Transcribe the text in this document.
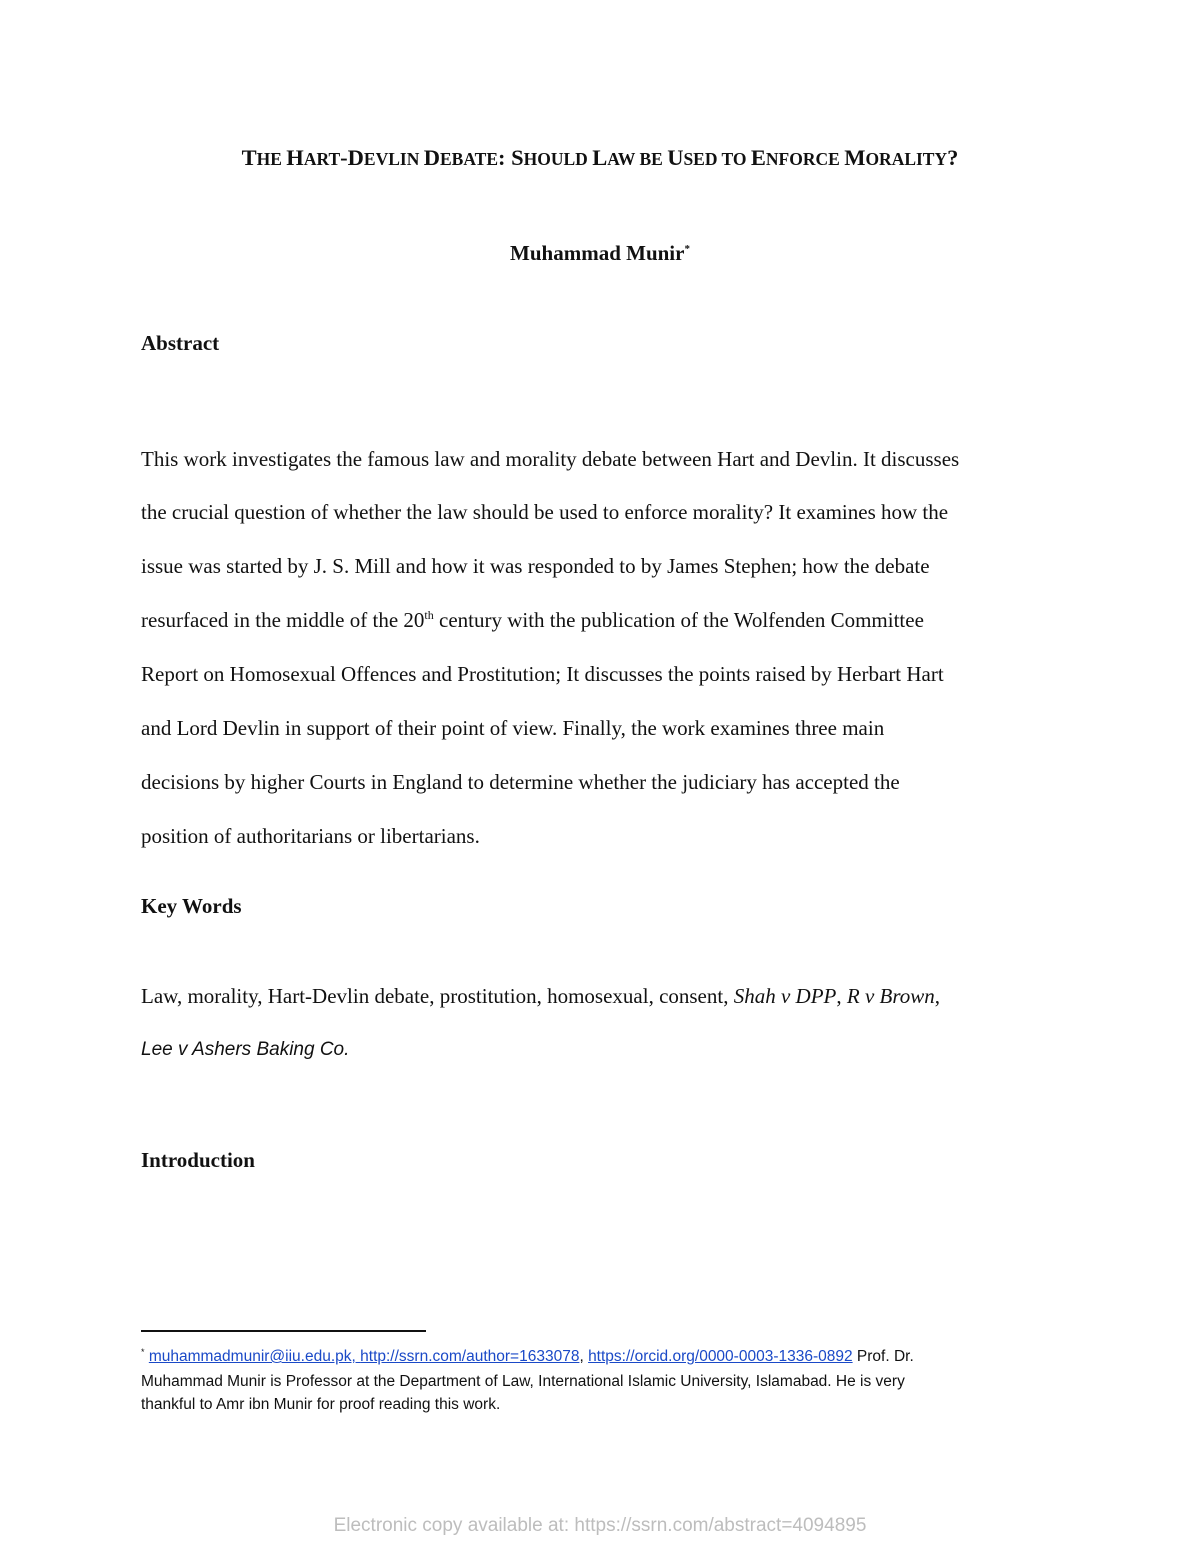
THE HART-DEVLIN DEBATE: SHOULD LAW BE USED TO ENFORCE MORALITY?
Muhammad Munir*
Abstract
This work investigates the famous law and morality debate between Hart and Devlin. It discusses
the crucial question of whether the law should be used to enforce morality? It examines how the
issue was started by J. S. Mill and how it was responded to by James Stephen; how the debate
resurfaced in the middle of the 20th century with the publication of the Wolfenden Committee
Report on Homosexual Offences and Prostitution; It discusses the points raised by Herbart Hart
and Lord Devlin in support of their point of view. Finally, the work examines three main
decisions by higher Courts in England to determine whether the judiciary has accepted the
position of authoritarians or libertarians.
Key Words
Law, morality, Hart-Devlin debate, prostitution, homosexual, consent, Shah v DPP, R v Brown,
Lee v Ashers Baking Co.
Introduction
* muhammadmunir@iiu.edu.pk, http://ssrn.com/author=1633078, https://orcid.org/0000-0003-1336-0892 Prof. Dr.
Muhammad Munir is Professor at the Department of Law, International Islamic University, Islamabad. He is very
thankful to Amr ibn Munir for proof reading this work.
Electronic copy available at: https://ssrn.com/abstract=4094895
